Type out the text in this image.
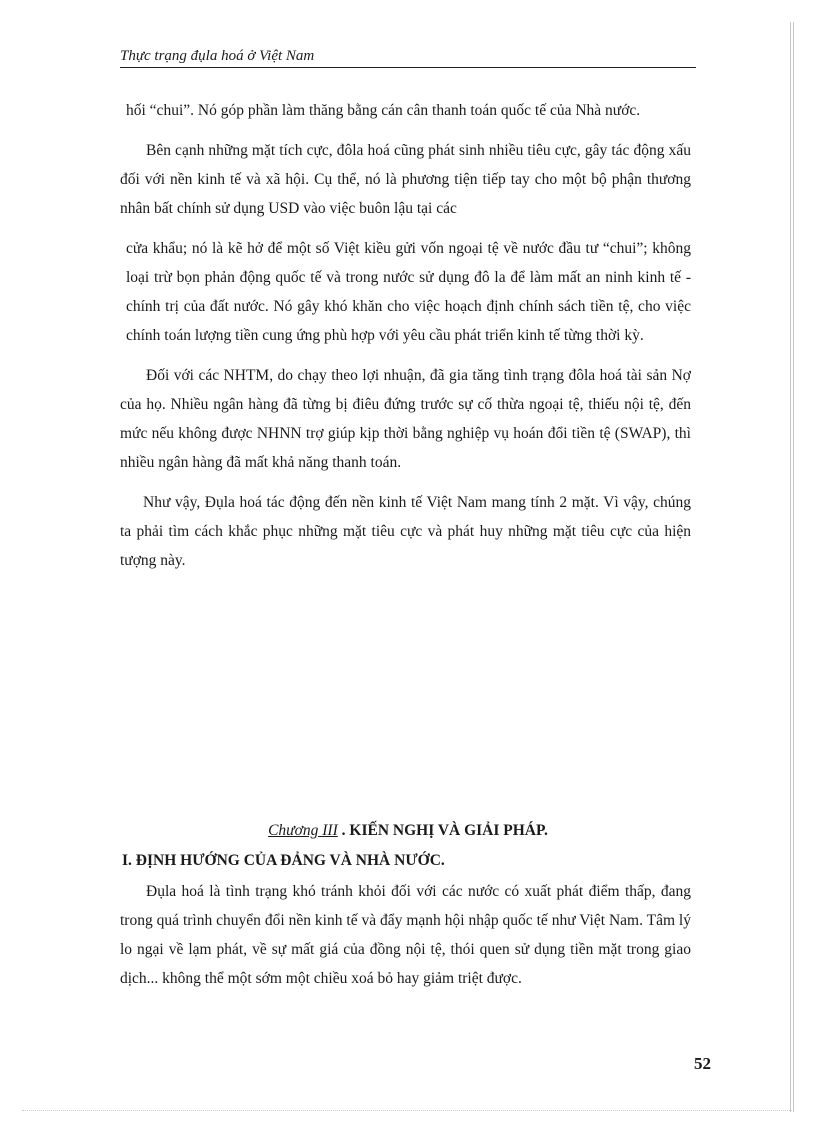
Thực trạng đụla hoá ở Việt Nam

hối “chui”. Nó góp phần làm thăng bằng cán cân thanh toán quốc tế của Nhà nước.

Bên cạnh những mặt tích cực, đôla hoá cũng phát sinh nhiều tiêu cực, gây tác động xấu đối với nền kinh tế và xã hội. Cụ thể, nó là phương tiện tiếp tay cho một bộ phận thương nhân bất chính sử dụng USD vào việc buôn lậu tại các

cửa khẩu; nó là kẽ hở để một số Việt kiều gửi vốn ngoại tệ về nước đầu tư “chui”; không loại trừ bọn phản động quốc tế và trong nước sử dụng đô la để làm mất an ninh kinh tế - chính trị của đất nước. Nó gây khó khăn cho việc hoạch định chính sách tiền tệ, cho việc chính toán lượng tiền cung ứng phù hợp với yêu cầu phát triển kinh tế từng thời kỳ.

Đối với các NHTM, do chạy theo lợi nhuận, đã gia tăng tình trạng đôla hoá tài sản Nợ của họ. Nhiều ngân hàng đã từng bị điêu đứng trước sự cố thừa ngoại tệ, thiếu nội tệ, đến mức nếu không được NHNN trợ giúp kịp thời bằng nghiệp vụ hoán đổi tiền tệ (SWAP), thì nhiều ngân hàng đã mất khả năng thanh toán.

Như vậy, Đụla hoá tác động đến nền kinh tế Việt Nam mang tính 2 mặt. Vì vậy, chúng ta phải tìm cách khắc phục những mặt tiêu cực và phát huy những mặt tiêu cực của hiện tượng này.

Chương III . KIẾN NGHỊ VÀ GIẢI PHÁP.
I. ĐỊNH HƯỚNG CỦA ĐẢNG VÀ NHÀ NƯỚC.

Đụla hoá là tình trạng khó tránh khỏi đối với các nước có xuất phát điểm thấp, đang trong quá trình chuyển đổi nền kinh tế và đẩy mạnh hội nhập quốc tế như Việt Nam. Tâm lý lo ngại về lạm phát, về sự mất giá của đồng nội tệ, thói quen sử dụng tiền mặt trong giao dịch... không thể một sớm một chiều xoá bỏ hay giảm triệt được.

52
